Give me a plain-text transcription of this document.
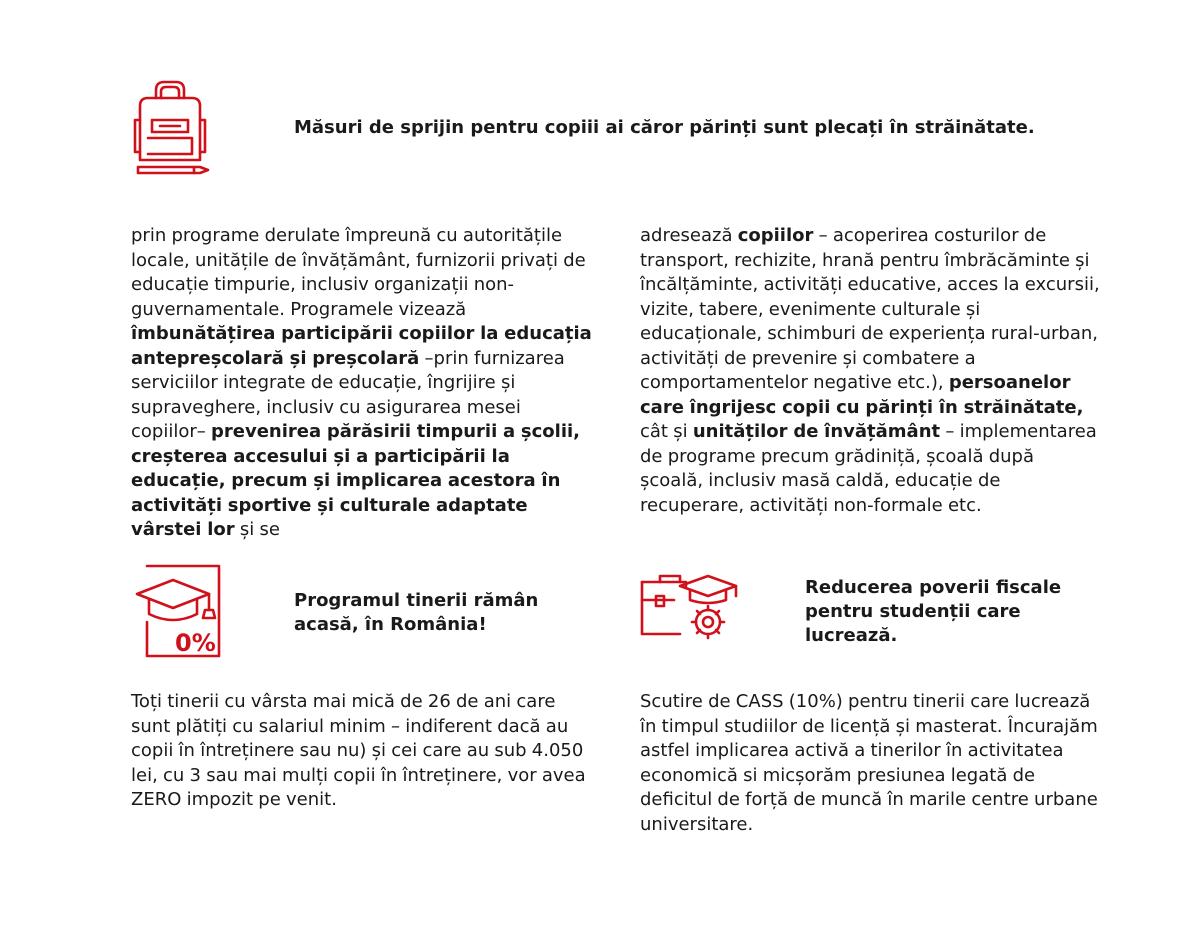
Măsuri de sprijin pentru copiii ai căror părinți sunt plecați în străinătate.

prin programe derulate împreună cu autoritățile locale, unitățile de învățământ, furnizorii privați de educație timpurie, inclusiv organizații non-guvernamentale. Programele vizează îmbunătățirea participării copiilor la educația antepreșcolară și preșcolară –prin furnizarea serviciilor integrate de educație, îngrijire și supraveghere, inclusiv cu asigurarea mesei copiilor– prevenirea părăsirii timpurii a școlii, creșterea accesului și a participării la educație, precum și implicarea acestora în activități sportive și culturale adaptate vârstei lor și se

adresează copiilor – acoperirea costurilor de transport, rechizite, hrană pentru îmbrăcăminte și încălțăminte, activități educative, acces la excursii, vizite, tabere, evenimente culturale și educaționale, schimburi de experiența rural-urban, activități de prevenire și combatere a comportamentelor negative etc.), persoanelor care îngrijesc copii cu părinți în străinătate, cât și unităților de învățământ – implementarea de programe precum grădiniță, școală după școală, inclusiv masă caldă, educație de recuperare, activități non-formale etc.

0%
Programul tinerii rămân acasă, în România!

Toți tinerii cu vârsta mai mică de 26 de ani care sunt plătiți cu salariul minim – indiferent dacă au copii în întreținere sau nu) și cei care au sub 4.050 lei, cu 3 sau mai mulți copii în întreținere, vor avea ZERO impozit pe venit.

Reducerea poverii fiscale pentru studenții care lucrează.

Scutire de CASS (10%) pentru tinerii care lucrează în timpul studiilor de licență și masterat. Încurajăm astfel implicarea activă a tinerilor în activitatea economică si micșorăm presiunea legată de deficitul de forță de muncă în marile centre urbane universitare.
